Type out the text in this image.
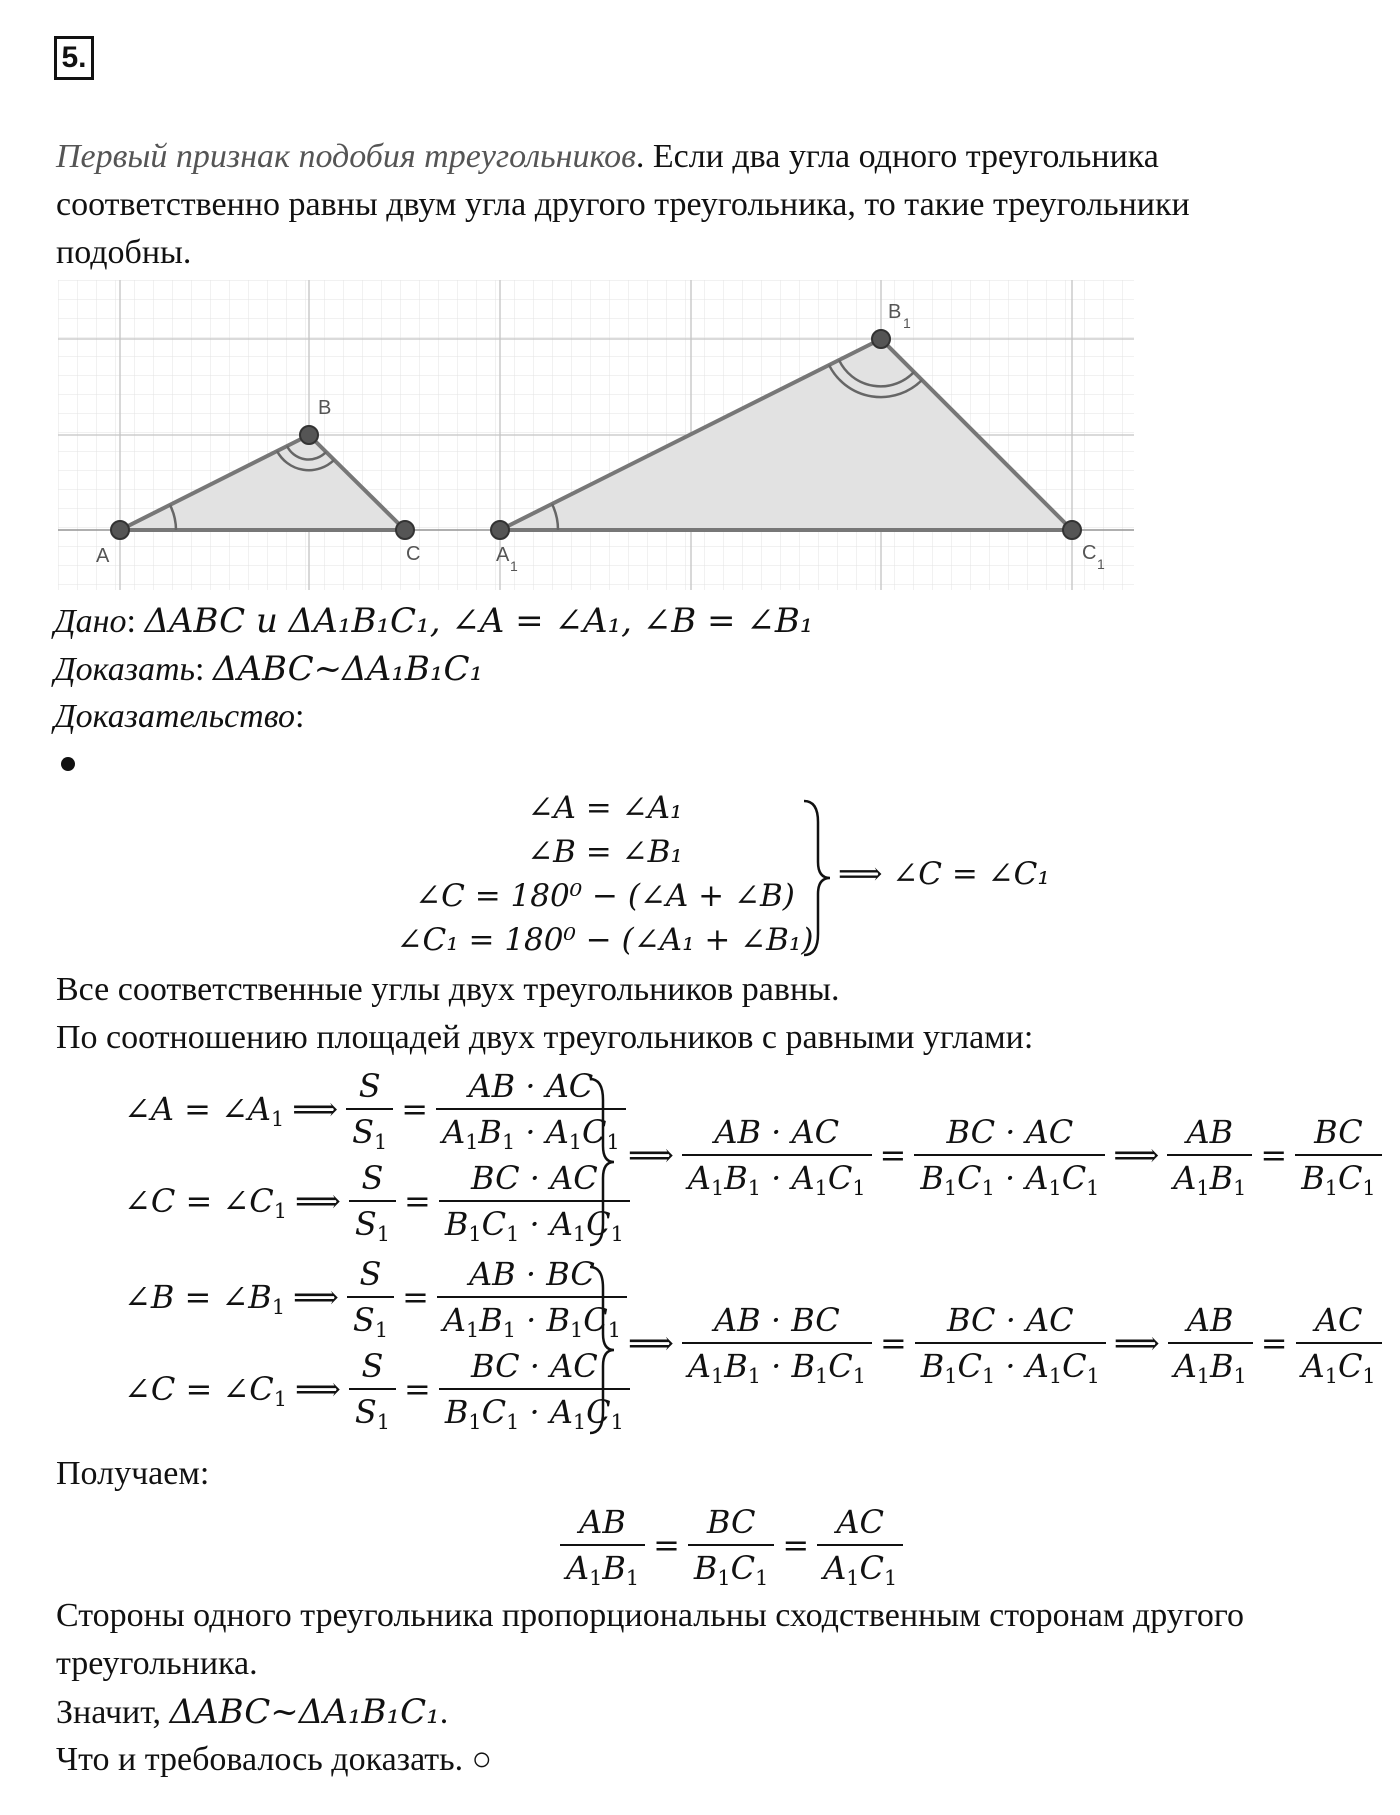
5.
Первый признак подобия треугольников. Если два угла одного треугольника
соответственно равны двум угла другого треугольника, то такие треугольники
подобны.
A
B
C	A 1
B 1
C 1
Дано: ΔABC и ΔA₁B₁C₁, ∠A = ∠A₁, ∠B = ∠B₁
Доказать: ΔABC~ΔA₁B₁C₁
Доказательство:
∠A = ∠A₁
∠B = ∠B₁
∠C = 180⁰ − (∠A + ∠B)
∠C₁ = 180⁰ − (∠A₁ + ∠B₁)
⟹ ∠C = ∠C₁
Все соответственные углы двух треугольников равны.
По соотношению площадей двух треугольников с равными углами:
∠A = $\angle A_1$ ⟹ $\frac{S}{S_1} = \frac{AB \cdot AC}{A_1B_1 \cdot A_1C_1}$
∠C = $\angle C_1$ ⟹ $\frac{S}{S_1} = \frac{BC \cdot AC}{B_1C_1 \cdot A_1C_1}$
⟹ $\frac{AB \cdot AC}{A_1B_1 \cdot A_1C_1} = \frac{BC \cdot AC}{B_1C_1 \cdot A_1C_1}$ ⟹ $\frac{AB}{A_1B_1} = \frac{BC}{B_1C_1}$
∠B = $\angle B_1$ ⟹ $\frac{S}{S_1} = \frac{AB \cdot BC}{A_1B_1 \cdot B_1C_1}$
∠C = $\angle C_1$ ⟹ $\frac{S}{S_1} = \frac{BC \cdot AC}{B_1C_1 \cdot A_1C_1}$
⟹ $\frac{AB \cdot BC}{A_1B_1 \cdot B_1C_1} = \frac{BC \cdot AC}{B_1C_1 \cdot A_1C_1}$ ⟹ $\frac{AB}{A_1B_1} = \frac{AC}{A_1C_1}$
Получаем:
$\frac{AB}{A_1B_1} = \frac{BC}{B_1C_1} = \frac{AC}{A_1C_1}$
Стороны одного треугольника пропорциональны сходственным сторонам другого
треугольника.
Значит, ΔABC~ΔA₁B₁C₁.
Что и требовалось доказать. ○
